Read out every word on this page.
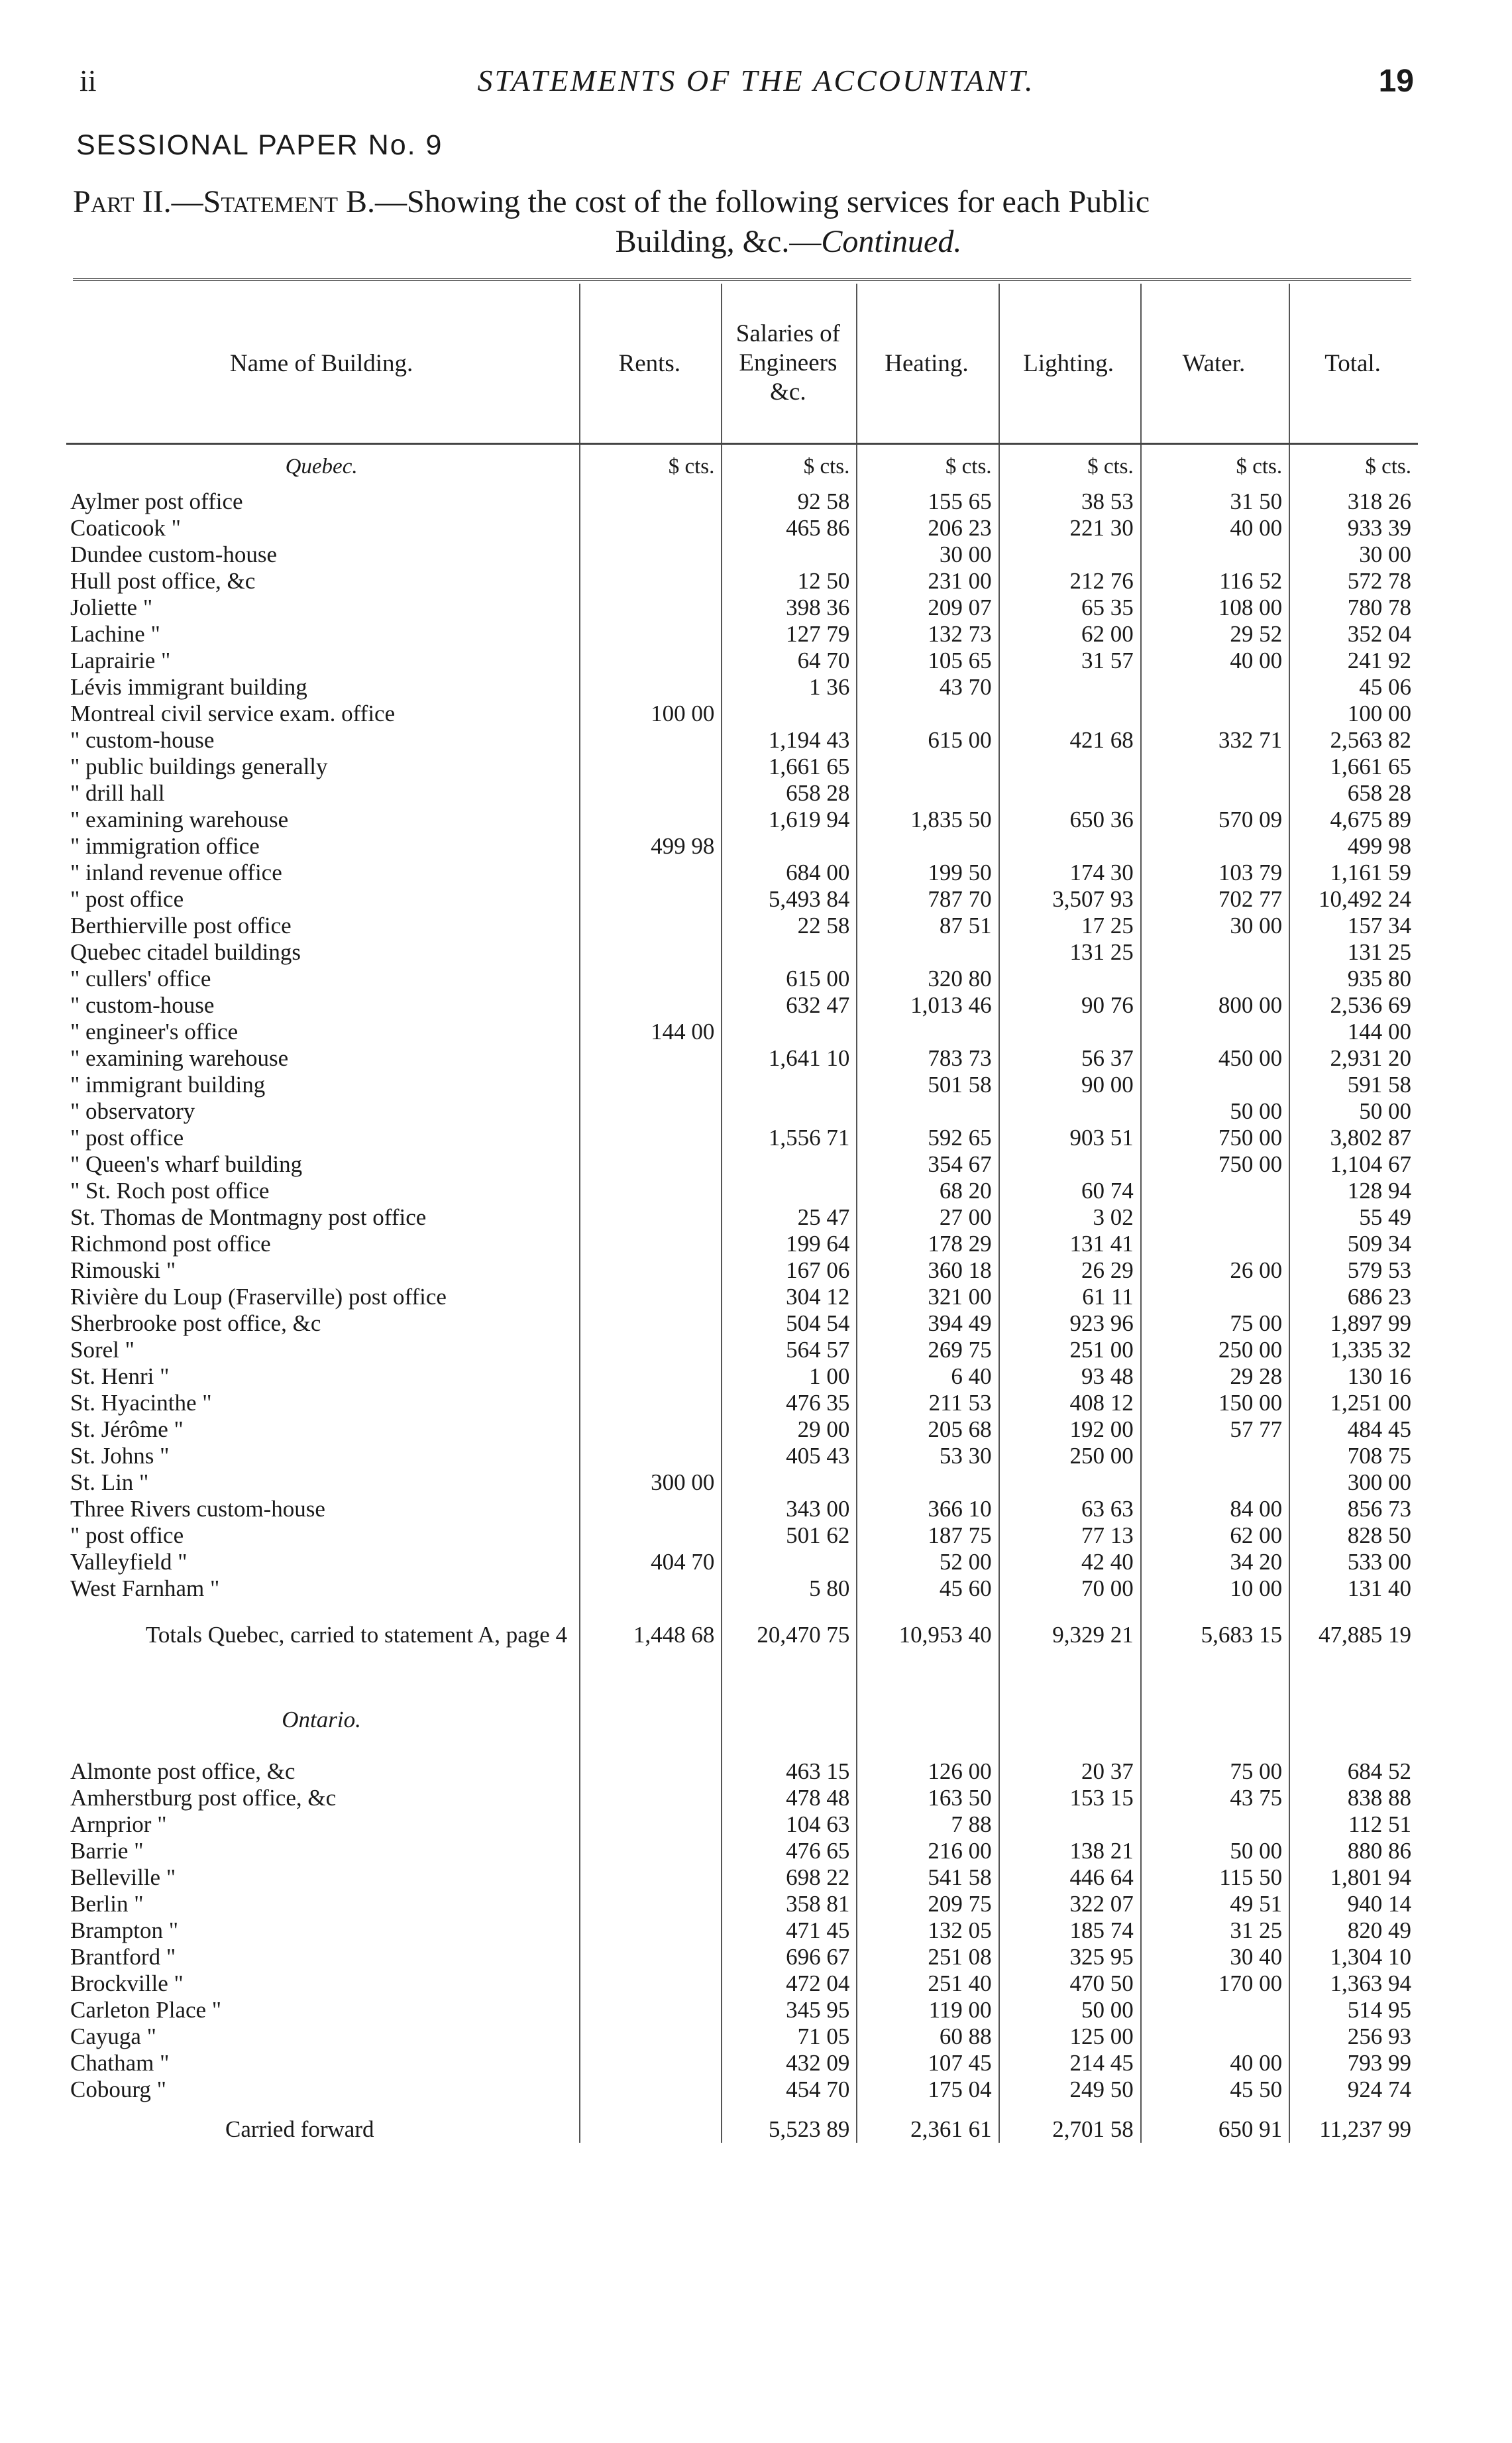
ii	STATEMENTS OF THE ACCOUNTANT.	19
SESSIONAL PAPER No. 9
Part II.—Statement B.—Showing the cost of the following services for each Public
Building, &c.—Continued.
Name of Building.	Rents.	Salaries of Engineers &c.	Heating.	Lighting.	Water.	Total.
Quebec.	$ cts.	$ cts.	$ cts.	$ cts.	$ cts.	$ cts.
Aylmer post office		92 58	155 65	38 53	31 50	318 26
Coaticook "		465 86	206 23	221 30	40 00	933 39
Dundee custom-house			30 00			30 00
Hull post office, &c		12 50	231 00	212 76	116 52	572 78
Joliette "		398 36	209 07	65 35	108 00	780 78
Lachine "		127 79	132 73	62 00	29 52	352 04
Laprairie "		64 70	105 65	31 57	40 00	241 92
Lévis immigrant building		1 36	43 70			45 06
Montreal civil service exam. office	100 00					100 00
" custom-house		1,194 43	615 00	421 68	332 71	2,563 82
" public buildings generally		1,661 65				1,661 65
" drill hall		658 28				658 28
" examining warehouse		1,619 94	1,835 50	650 36	570 09	4,675 89
" immigration office	499 98					499 98
" inland revenue office		684 00	199 50	174 30	103 79	1,161 59
" post office		5,493 84	787 70	3,507 93	702 77	10,492 24
Berthierville post office		22 58	87 51	17 25	30 00	157 34
Quebec citadel buildings				131 25		131 25
" cullers' office		615 00	320 80			935 80
" custom-house		632 47	1,013 46	90 76	800 00	2,536 69
" engineer's office	144 00					144 00
" examining warehouse		1,641 10	783 73	56 37	450 00	2,931 20
" immigrant building			501 58	90 00		591 58
" observatory					50 00	50 00
" post office		1,556 71	592 65	903 51	750 00	3,802 87
" Queen's wharf building			354 67		750 00	1,104 67
" St. Roch post office			68 20	60 74		128 94
St. Thomas de Montmagny post office		25 47	27 00	3 02		55 49
Richmond post office		199 64	178 29	131 41		509 34
Rimouski "		167 06	360 18	26 29	26 00	579 53
Rivière du Loup (Fraserville) post office		304 12	321 00	61 11		686 23
Sherbrooke post office, &c		504 54	394 49	923 96	75 00	1,897 99
Sorel "		564 57	269 75	251 00	250 00	1,335 32
St. Henri "		1 00	6 40	93 48	29 28	130 16
St. Hyacinthe "		476 35	211 53	408 12	150 00	1,251 00
St. Jérôme "		29 00	205 68	192 00	57 77	484 45
St. Johns "		405 43	53 30	250 00		708 75
St. Lin "	300 00					300 00
Three Rivers custom-house		343 00	366 10	63 63	84 00	856 73
" post office		501 62	187 75	77 13	62 00	828 50
Valleyfield "	404 70		52 00	42 40	34 20	533 00
West Farnham "		5 80	45 60	70 00	10 00	131 40
Totals Quebec, carried to statement A, page 4	1,448 68	20,470 75	10,953 40	9,329 21	5,683 15	47,885 19

Ontario.						

Almonte post office, &c		463 15	126 00	20 37	75 00	684 52
Amherstburg post office, &c		478 48	163 50	153 15	43 75	838 88
Arnprior "		104 63	7 88			112 51
Barrie "		476 65	216 00	138 21	50 00	880 86
Belleville "		698 22	541 58	446 64	115 50	1,801 94
Berlin "		358 81	209 75	322 07	49 51	940 14
Brampton "		471 45	132 05	185 74	31 25	820 49
Brantford "		696 67	251 08	325 95	30 40	1,304 10
Brockville "		472 04	251 40	470 50	170 00	1,363 94
Carleton Place "		345 95	119 00	50 00		514 95
Cayuga "		71 05	60 88	125 00		256 93
Chatham "		432 09	107 45	214 45	40 00	793 99
Cobourg "		454 70	175 04	249 50	45 50	924 74
Carried forward		5,523 89	2,361 61	2,701 58	650 91	11,237 99
